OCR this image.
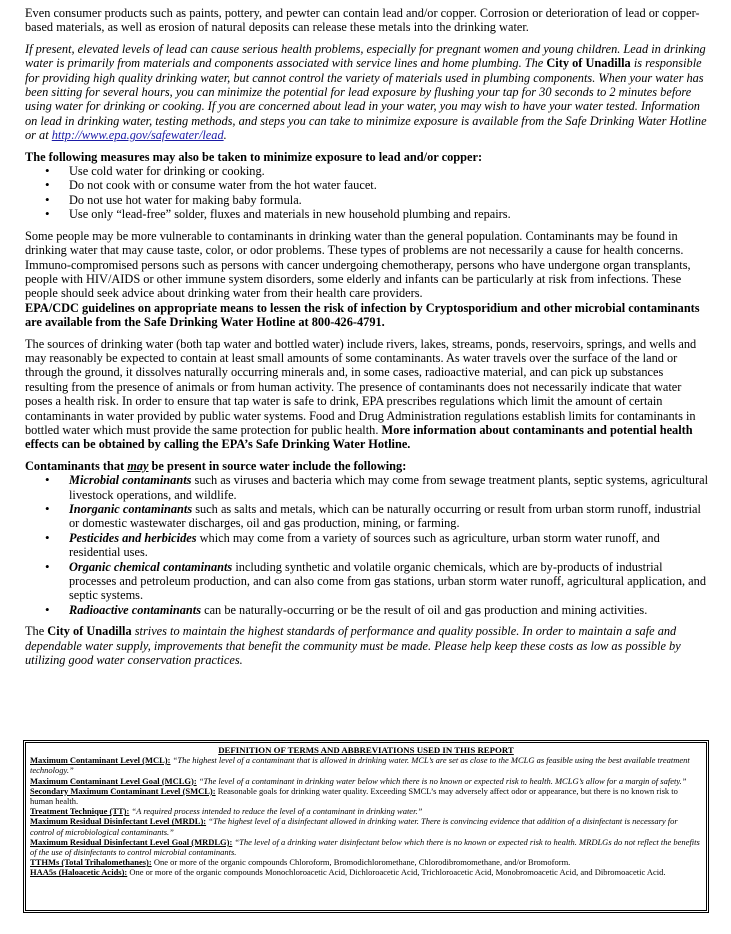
Even consumer products such as paints, pottery, and pewter can contain lead and/or copper. Corrosion or deterioration of lead or copper-based materials, as well as erosion of natural deposits can release these metals into the drinking water.

If present, elevated levels of lead can cause serious health problems, especially for pregnant women and young children. Lead in drinking water is primarily from materials and components associated with service lines and home plumbing. The City of Unadilla is responsible for providing high quality drinking water, but cannot control the variety of materials used in plumbing components. When your water has been sitting for several hours, you can minimize the potential for lead exposure by flushing your tap for 30 seconds to 2 minutes before using water for drinking or cooking. If you are concerned about lead in your water, you may wish to have your water tested. Information on lead in drinking water, testing methods, and steps you can take to minimize exposure is available from the Safe Drinking Water Hotline or at http://www.epa.gov/safewater/lead.

The following measures may also be taken to minimize exposure to lead and/or copper:

• Use cold water for drinking or cooking.
• Do not cook with or consume water from the hot water faucet.
• Do not use hot water for making baby formula.
• Use only “lead-free” solder, fluxes and materials in new household plumbing and repairs.

Some people may be more vulnerable to contaminants in drinking water than the general population. Contaminants may be found in drinking water that may cause taste, color, or odor problems. These types of problems are not necessarily a cause for health concerns. Immuno-compromised persons such as persons with cancer undergoing chemotherapy, persons who have undergone organ transplants, people with HIV/AIDS or other immune system disorders, some elderly and infants can be particularly at risk from infections. These people should seek advice about drinking water from their health care providers.
EPA/CDC guidelines on appropriate means to lessen the risk of infection by Cryptosporidium and other microbial contaminants are available from the Safe Drinking Water Hotline at 800-426-4791.

The sources of drinking water (both tap water and bottled water) include rivers, lakes, streams, ponds, reservoirs, springs, and wells and may reasonably be expected to contain at least small amounts of some contaminants. As water travels over the surface of the land or through the ground, it dissolves naturally occurring minerals and, in some cases, radioactive material, and can pick up substances resulting from the presence of animals or from human activity. The presence of contaminants does not necessarily indicate that water poses a health risk. In order to ensure that tap water is safe to drink, EPA prescribes regulations which limit the amount of certain contaminants in water provided by public water systems. Food and Drug Administration regulations establish limits for contaminants in bottled water which must provide the same protection for public health. More information about contaminants and potential health effects can be obtained by calling the EPA’s Safe Drinking Water Hotline.

Contaminants that may be present in source water include the following:

• Microbial contaminants such as viruses and bacteria which may come from sewage treatment plants, septic systems, agricultural livestock operations, and wildlife.
• Inorganic contaminants such as salts and metals, which can be naturally occurring or result from urban storm runoff, industrial or domestic wastewater discharges, oil and gas production, mining, or farming.
• Pesticides and herbicides which may come from a variety of sources such as agriculture, urban storm water runoff, and residential uses.
• Organic chemical contaminants including synthetic and volatile organic chemicals, which are by-products of industrial processes and petroleum production, and can also come from gas stations, urban storm water runoff, agricultural application, and septic systems.
• Radioactive contaminants can be naturally-occurring or be the result of oil and gas production and mining activities.

The City of Unadilla strives to maintain the highest standards of performance and quality possible. In order to maintain a safe and dependable water supply, improvements that benefit the community must be made. Please help keep these costs as low as possible by utilizing good water conservation practices.

DEFINITION OF TERMS AND ABBREVIATIONS USED IN THIS REPORT

Maximum Contaminant Level (MCL): “The highest level of a contaminant that is allowed in drinking water. MCL’s are set as close to the MCLG as feasible using the best available treatment technology.”

Maximum Contaminant Level Goal (MCLG): “The level of a contaminant in drinking water below which there is no known or expected risk to health. MCLG’s allow for a margin of safety.”

Secondary Maximum Contaminant Level (SMCL): Reasonable goals for drinking water quality. Exceeding SMCL’s may adversely affect odor or appearance, but there is no known risk to human health.

Treatment Technique (TT): “A required process intended to reduce the level of a contaminant in drinking water.”

Maximum Residual Disinfectant Level (MRDL): “The highest level of a disinfectant allowed in drinking water. There is convincing evidence that addition of a disinfectant is necessary for control of microbiological contaminants.”

Maximum Residual Disinfectant Level Goal (MRDLG): “The level of a drinking water disinfectant below which there is no known or expected risk to health. MRDLGs do not reflect the benefits of the use of disinfectants to control microbial contaminants.

TTHMs (Total Trihalomethanes): One or more of the organic compounds Chloroform, Bromodichloromethane, Chlorodibromomethane, and/or Bromoform.

HAA5s (Haloacetic Acids): One or more of the organic compounds Monochloroacetic Acid, Dichloroacetic Acid, Trichloroacetic Acid, Monobromoacetic Acid, and Dibromoacetic Acid.
